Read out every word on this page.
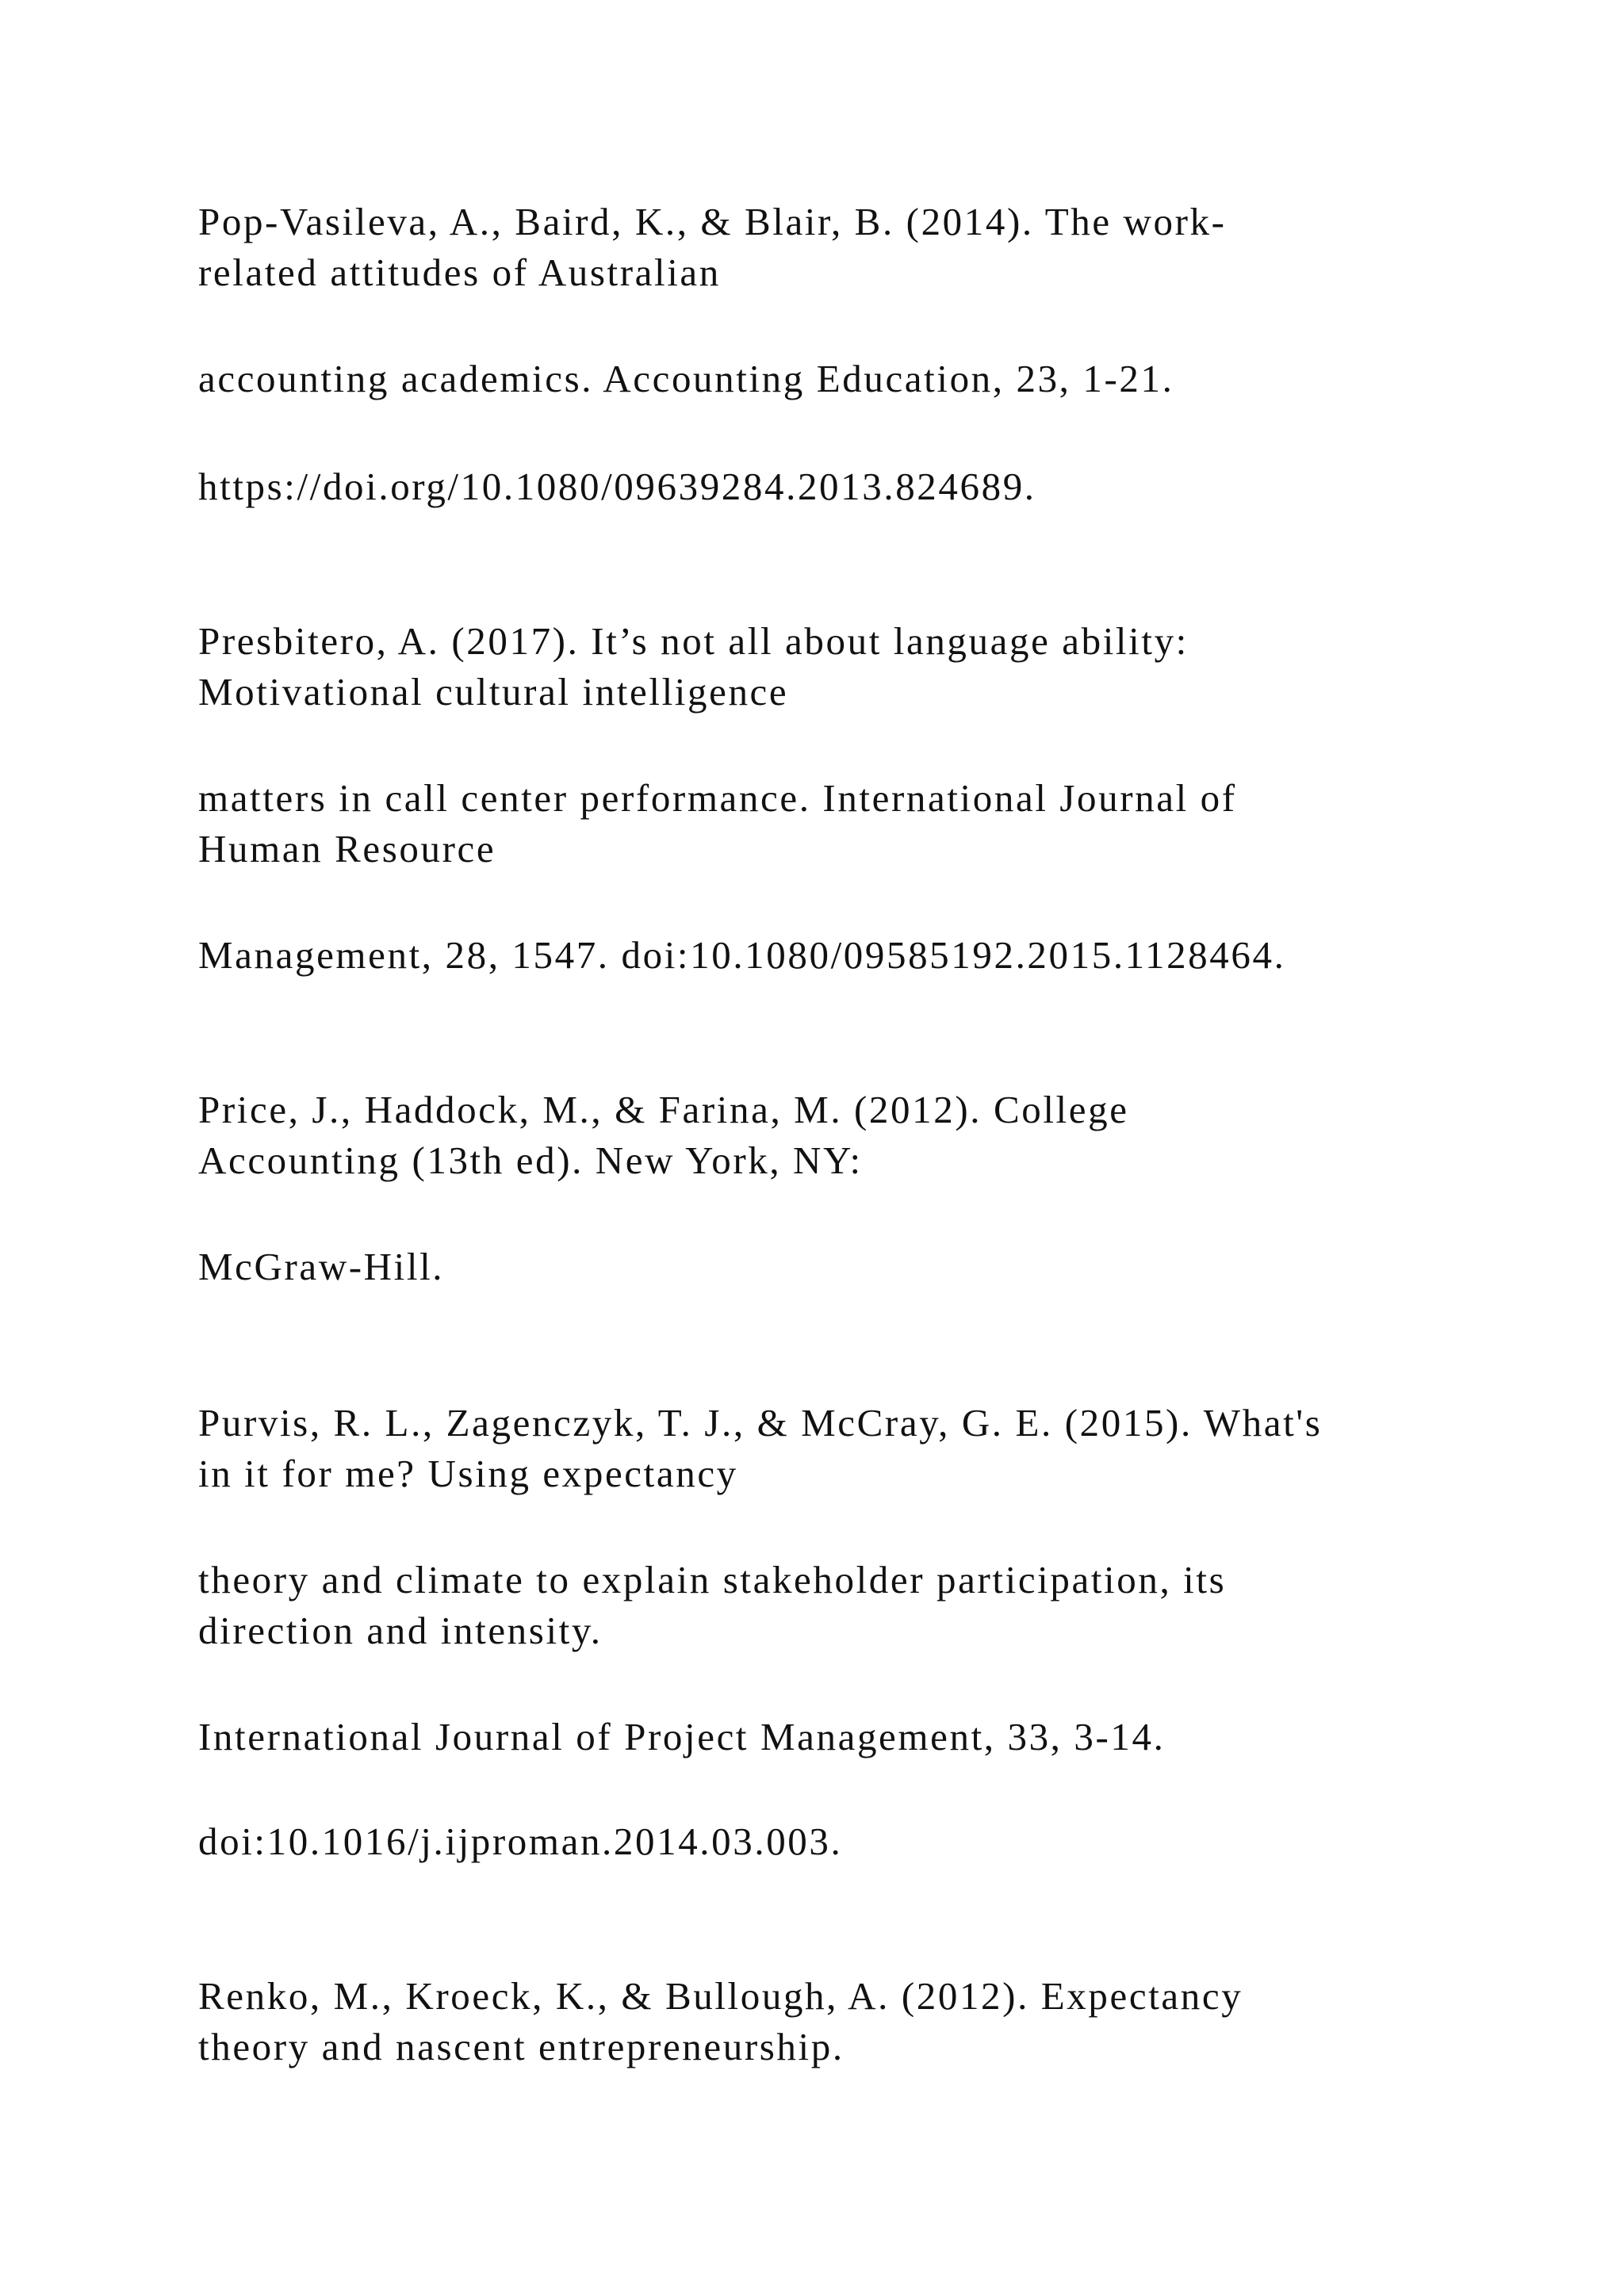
Pop-Vasileva, A., Baird, K., & Blair, B. (2014). The work-
related attitudes of Australian

accounting academics. Accounting Education, 23, 1-21.

https://doi.org/10.1080/09639284.2013.824689.

Presbitero, A. (2017). It’s not all about language ability:
Motivational cultural intelligence

matters in call center performance. International Journal of
Human Resource

Management, 28, 1547. doi:10.1080/09585192.2015.1128464.

Price, J., Haddock, M., & Farina, M. (2012). College
Accounting (13th ed). New York, NY:

McGraw-Hill.

Purvis, R. L., Zagenczyk, T. J., & McCray, G. E. (2015). What's
in it for me? Using expectancy

theory and climate to explain stakeholder participation, its
direction and intensity.

International Journal of Project Management, 33, 3-14.

doi:10.1016/j.ijproman.2014.03.003.

Renko, M., Kroeck, K., & Bullough, A. (2012). Expectancy
theory and nascent entrepreneurship.
